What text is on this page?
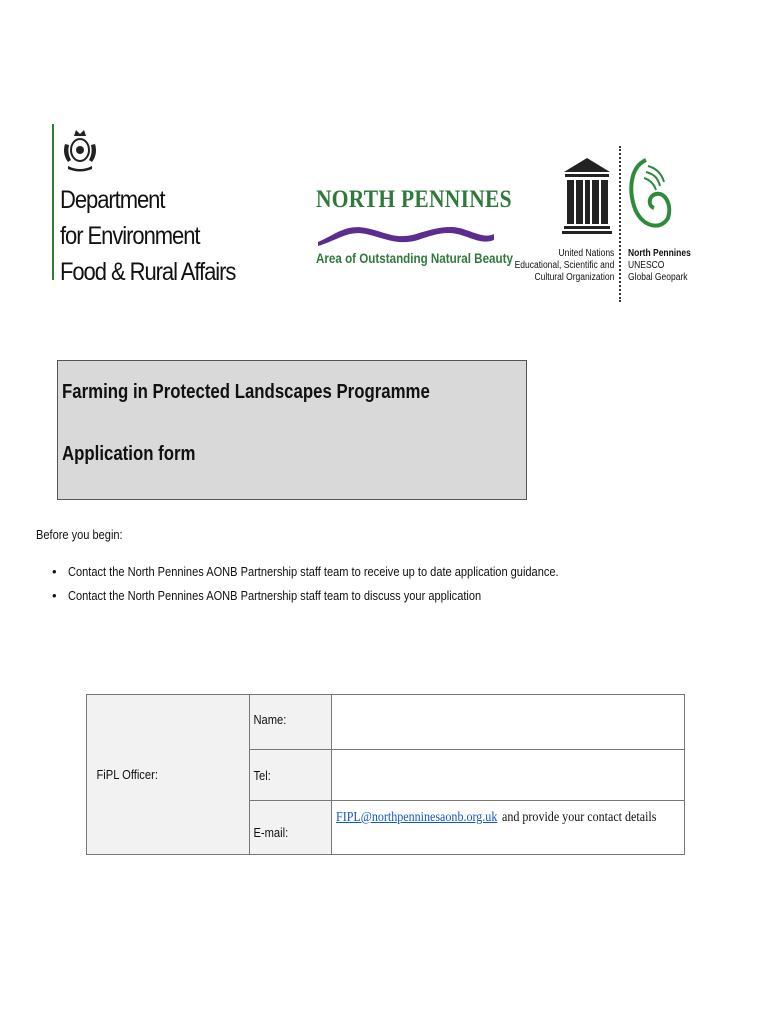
Department
for Environment
Food & Rural Affairs
NORTH PENNINES
Area of Outstanding Natural Beauty	United Nations
Educational, Scientific and
Cultural Organization
North Pennines
UNESCO
Global Geopark
Farming in Protected Landscapes Programme
Application form
Before you begin:
• Contact the North Pennines AONB Partnership staff team to receive up to date application guidance.
• Contact the North Pennines AONB Partnership staff team to discuss your application
FiPL Officer:	Name:	
	Tel:	
	E-mail:	FIPL@northpenninesaonb.org.uk and provide your contact details
